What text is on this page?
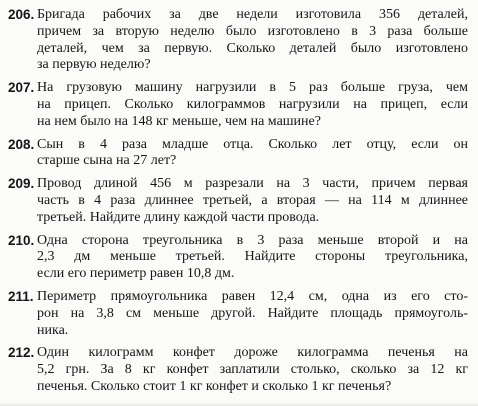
206. Бригада рабочих за две недели изготовила 356 деталей,
причем за вторую неделю было изготовлено в 3 раза больше
деталей, чем за первую. Сколько деталей было изготовлено
за первую неделю?
207. На грузовую машину нагрузили в 5 раз больше груза, чем
на прицеп. Сколько килограммов нагрузили на прицеп, если
на нем было на 148 кг меньше, чем на машине?
208. Сын в 4 раза младше отца. Сколько лет отцу, если он
старше сына на 27 лет?
209. Провод длиной 456 м разрезали на 3 части, причем первая
часть в 4 раза длиннее третьей, а вторая — на 114 м длиннее
третьей. Найдите длину каждой части провода.
210. Одна сторона треугольника в 3 раза меньше второй и на
2,3 дм меньше третьей. Найдите стороны треугольника,
если его периметр равен 10,8 дм.
211. Периметр прямоугольника равен 12,4 см, одна из его сто-
рон на 3,8 см меньше другой. Найдите площадь прямоуголь-
ника.
212. Один килограмм конфет дороже килограмма печенья на
5,2 грн. За 8 кг конфет заплатили столько, сколько за 12 кг
печенья. Сколько стоит 1 кг конфет и сколько 1 кг печенья?
